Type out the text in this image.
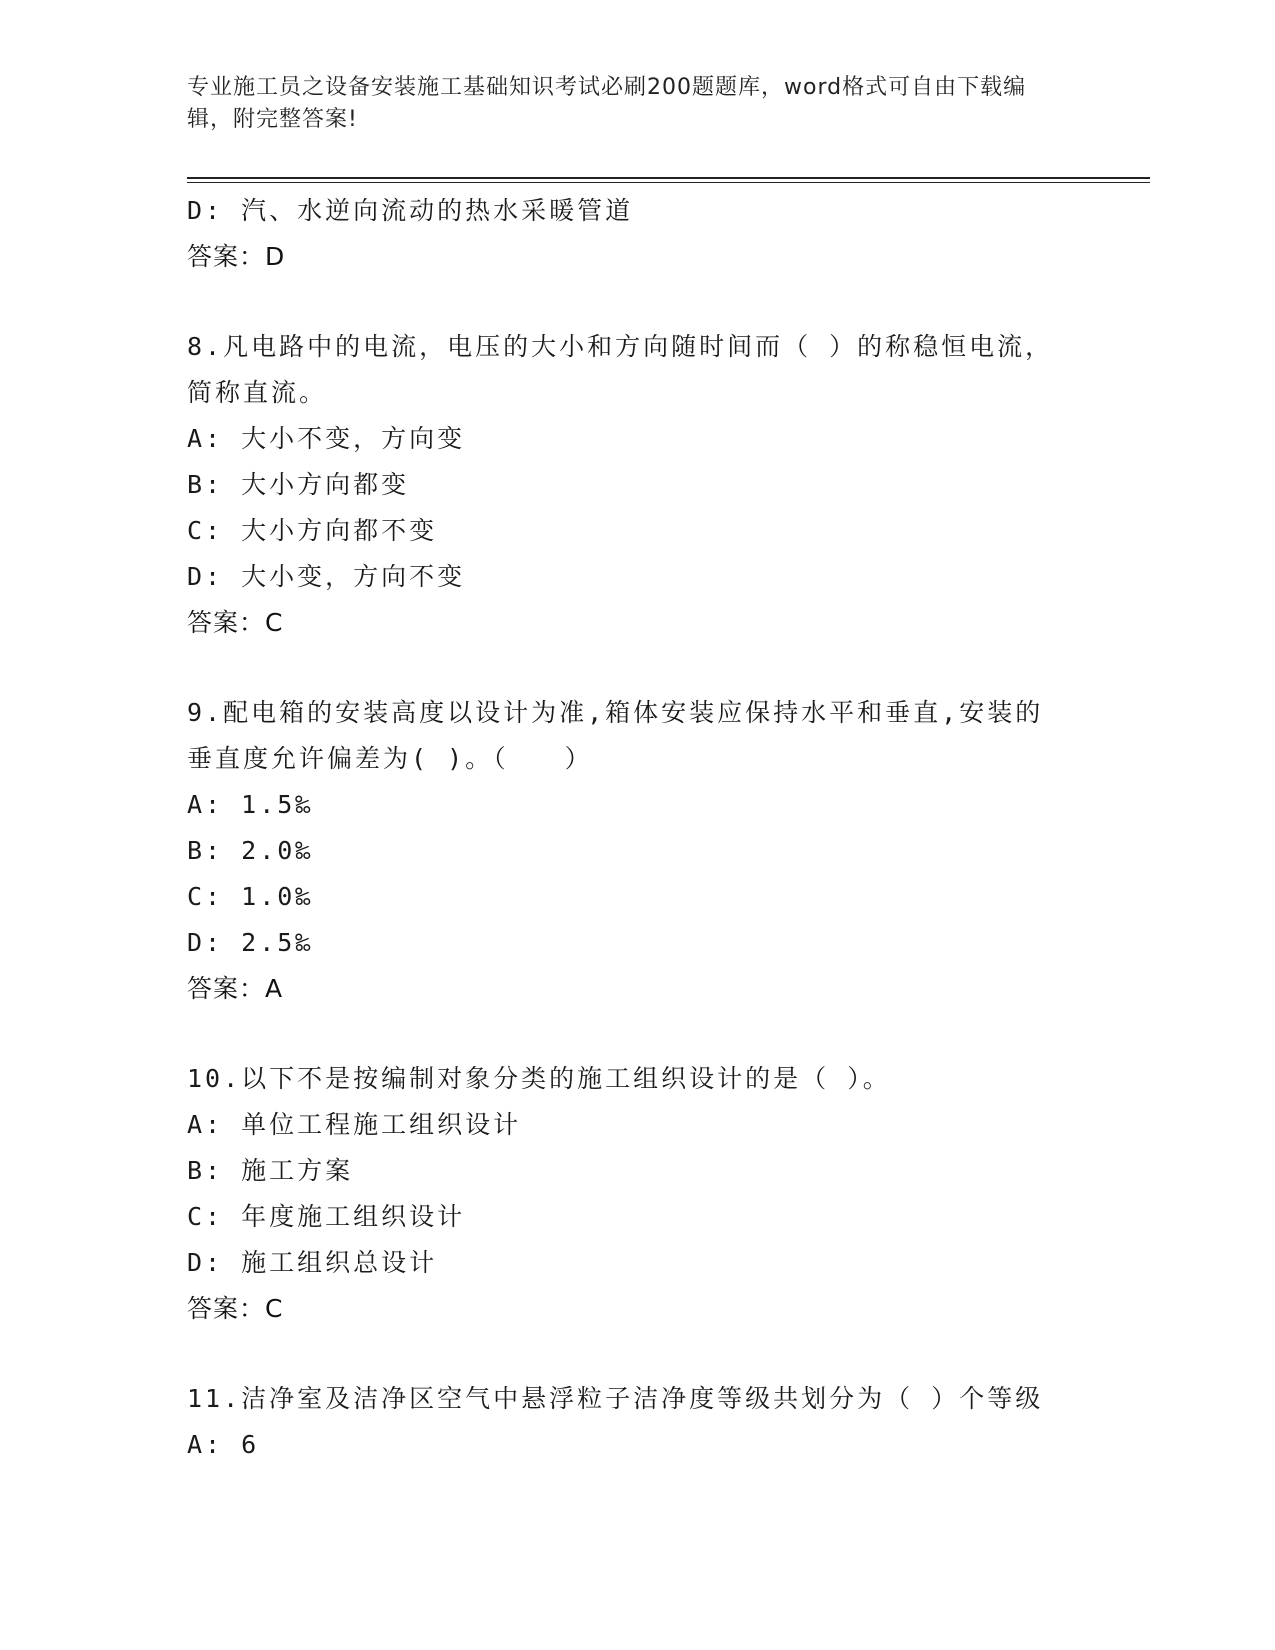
专业施工员之设备安装施工基础知识考试必刷200题题库，word格式可自由下载编辑，附完整答案!
D: 汽、水逆向流动的热水采暖管道
答案：D
8.凡电路中的电流，电压的大小和方向随时间而（ ）的称稳恒电流，简称直流。
A: 大小不变，方向变
B: 大小方向都变
C: 大小方向都不变
D: 大小变，方向不变
答案：C
9.配电箱的安装高度以设计为准,箱体安装应保持水平和垂直,安装的垂直度允许偏差为( )。（　　）
A: 1.5‰
B: 2.0‰
C: 1.0‰
D: 2.5‰
答案：A
10.以下不是按编制对象分类的施工组织设计的是（ ）。
A: 单位工程施工组织设计
B: 施工方案
C: 年度施工组织设计
D: 施工组织总设计
答案：C
11.洁净室及洁净区空气中悬浮粒子洁净度等级共划分为（ ）个等级
A: 6
